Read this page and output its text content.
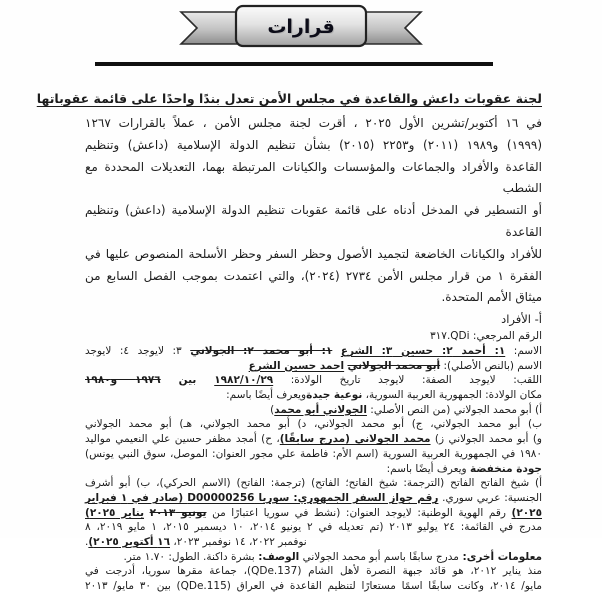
قرارات
لجنة عقوبات داعش والقاعدة في مجلس الأمن تعدل بندًا واحدًا على قائمة عقوباتها
في ١٦ أكتوبر/تشرين الأول ٢٠٢٥ ، أقرت لجنة مجلس الأمن ، عملاً بالقرارات ١٢٦٧
(١٩٩٩) و١٩٨٩ (٢٠١١) و٢٢٥٣ (٢٠١٥) بشأن تنظيم الدولة الإسلامية (داعش) وتنظيم
القاعدة والأفراد والجماعات والمؤسسات والكيانات المرتبطة بهما، التعديلات المحددة مع الشطب
أو التسطير في المدخل أدناه على قائمة عقوبات تنظيم الدولة الإسلامية (داعش) وتنظيم القاعدة
للأفراد والكيانات الخاضعة لتجميد الأصول وحظر السفر وحظر الأسلحة المنصوص عليها في
الفقرة ١ من قرار مجلس الأمن ٢٧٣٤ (٢٠٢٤)، والتي اعتمدت بموجب الفصل السابع من
ميثاق الأمم المتحدة.
أ- الأفراد
الرقم المرجعي: QDi.٣١٧
الاسم: ١: أحمد ٢: حسين ٣: الشرع ١: أبو محمد ٢: الجولاني ٣: لايوجد ٤: لايوجد
الاسم (بالنص الأصلي): أبو محمد الجولاني احمد حسين الشرع
اللقب: لايوجد الصفة: لايوجد تاريخ الولادة: ١٩٨٢/١٠/٢٩ بين ١٩٧٦ و١٩٨٠
مكان الولادة: الجمهورية العربية السورية، نوعية جيدةويعرف أيضًا باسم:
أ) أبو محمد الجولاني (من النص الأصلي: الجولاني أبو محمد)
ب) أبو محمد الجولاني، ج) أبو محمد الجولاني، د) أبو محمد الجولاني، هـ) أبو محمد الجولاني
و) أبو محمد الجولاني ز) محمد الجولاني (مدرج سابقًا)، ح) أمجد مظفر حسين علي النعيمي مواليد
١٩٨٠ في الجمهورية العربية السورية (اسم الأم: فاطمة علي مجور العنوان: الموصل، سوق النبي يونس)
جودة منخفضة ويعرف أيضًا باسم:
أ) شيخ الفاتح الفاتح (الترجمة: شيخ الفاتح؛ الفاتح) (ترجمة: الفاتح) (الاسم الحركي)، ب) أبو أشرف
الجنسية: عربي سوري. رقم جواز السفر الجمهوري: سوريا D00000256 (صادر في ١ فبراير
٢٠٢٥) رقم الهوية الوطنية: لايوجد العنوان: (نشط في سوريا اعتبارًا من يونيو ٢٠١٣ يناير ٢٠٢٥)
مدرج في القائمة: ٢٤ يوليو ٢٠١٣ (تم تعديله في ٢ يونيو ٢٠١٤، ١٠ ديسمبر ٢٠١٥، ١ مايو ٢٠١٩، ٨
نوفمبر ٢٠٢٢، ١٤ نوفمبر ٢٠٢٣، ١٦ أكتوبر ٢٠٢٥).
معلومات أخرى: مدرج سابقًا باسم أبو محمد الجولاني الوصف: بشرة داكنة. الطول: ١.٧٠ متر.
منذ يناير ٢٠١٢، هو قائد جبهة النصرة لأهل الشام (QDe.137)، جماعة مقرها سوريا، أدرجت في
مايو/ ٢٠١٤، وكانت سابقًا اسمًا مستعارًا لتنظيم القاعدة في العراق (QDe.115) بين ٣٠ مايو/ ٢٠١٣
